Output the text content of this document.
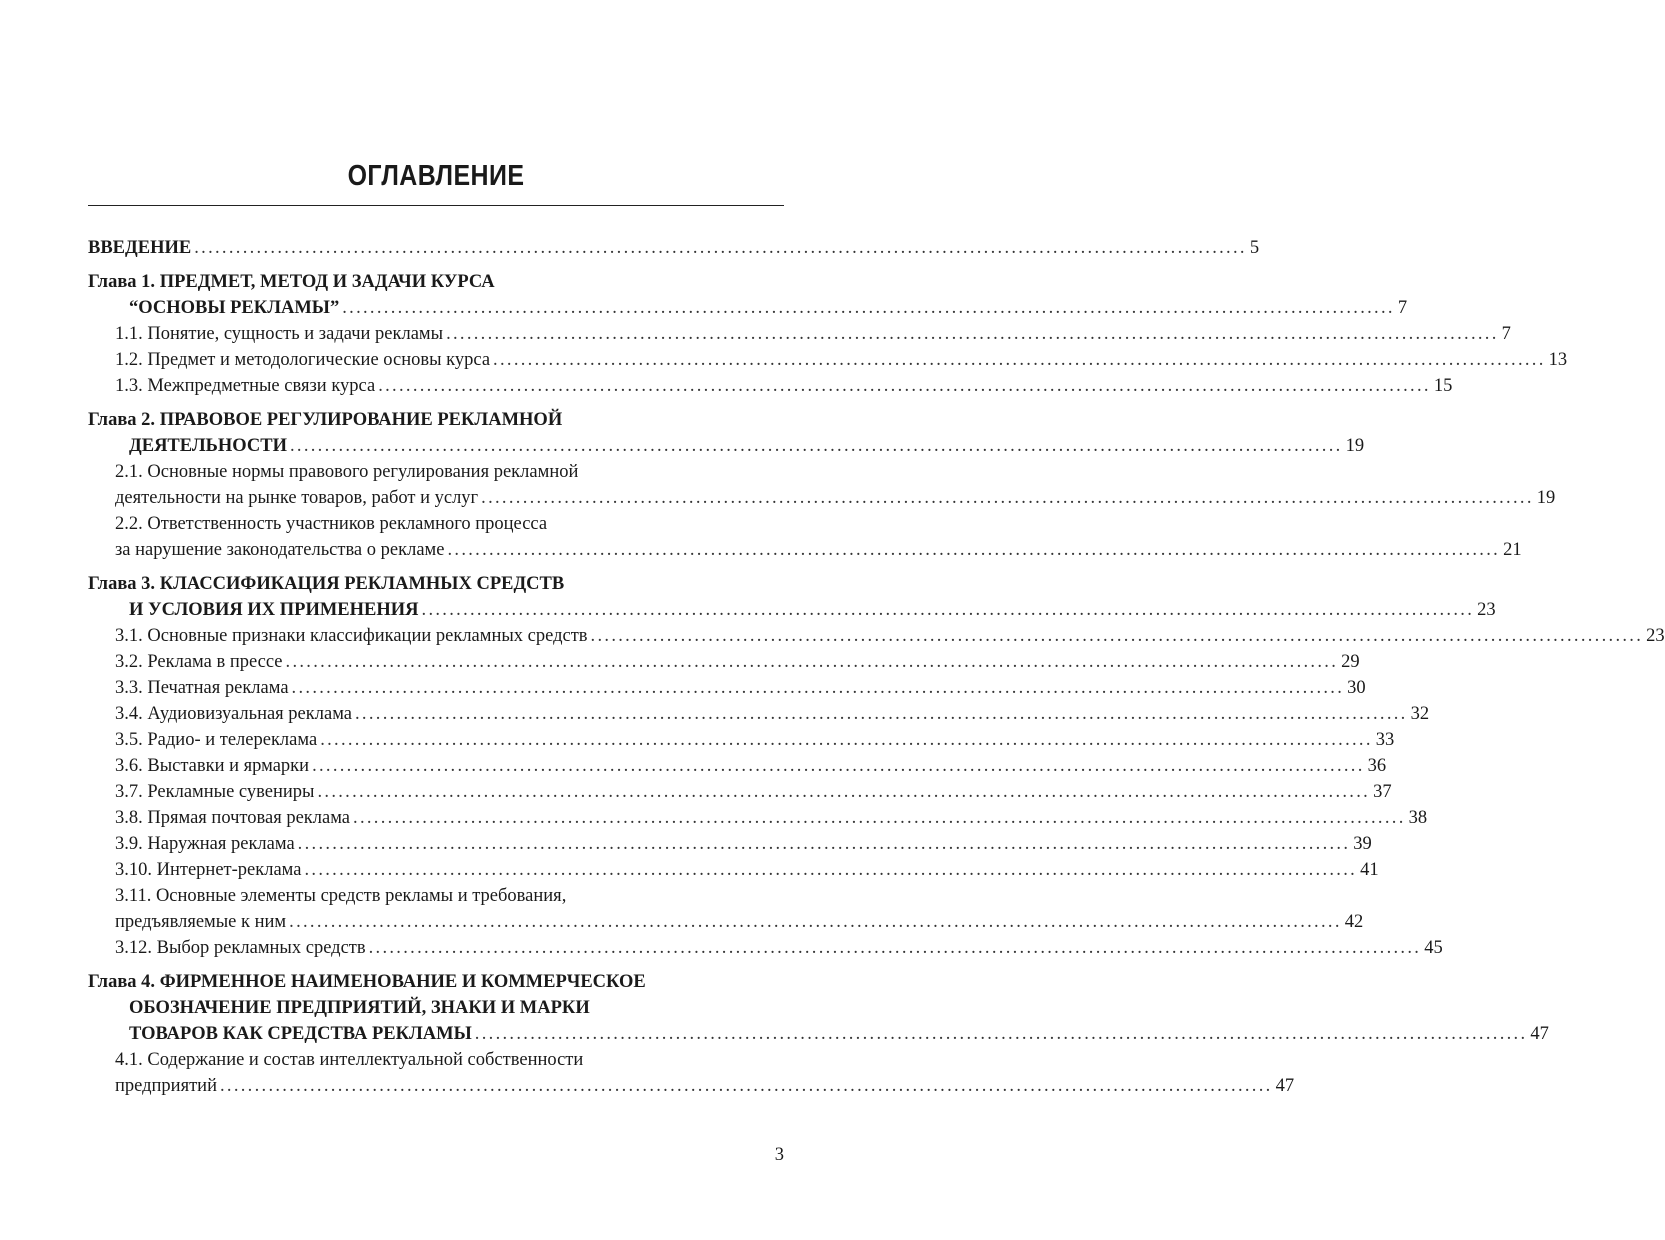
ОГЛАВЛЕНИЕ
ВВЕДЕНИЕ ........................................................................................................................................................ 5
Глава 1. ПРЕДМЕТ, МЕТОД И ЗАДАЧИ КУРСА
“ОСНОВЫ РЕКЛАМЫ” ........................................................................................................................................................ 7
1.1. Понятие, сущность и задачи рекламы ........................................................................................................................................................ 7
1.2. Предмет и методологические основы курса ........................................................................................................................................................ 13
1.3. Межпредметные связи курса ........................................................................................................................................................ 15
Глава 2. ПРАВОВОЕ РЕГУЛИРОВАНИЕ РЕКЛАМНОЙ
ДЕЯТЕЛЬНОСТИ ........................................................................................................................................................ 19
2.1. Основные нормы правового регулирования рекламной
деятельности на рынке товаров, работ и услуг ........................................................................................................................................................ 19
2.2. Ответственность участников рекламного процесса
за нарушение законодательства о рекламе ........................................................................................................................................................ 21
Глава 3. КЛАССИФИКАЦИЯ РЕКЛАМНЫХ СРЕДСТВ
И УСЛОВИЯ ИХ ПРИМЕНЕНИЯ ........................................................................................................................................................ 23
3.1. Основные признаки классификации рекламных средств ........................................................................................................................................................ 23
3.2. Реклама в прессе ........................................................................................................................................................ 29
3.3. Печатная реклама ........................................................................................................................................................ 30
3.4. Аудиовизуальная реклама ........................................................................................................................................................ 32
3.5. Радио- и телереклама ........................................................................................................................................................ 33
3.6. Выставки и ярмарки ........................................................................................................................................................ 36
3.7. Рекламные сувениры ........................................................................................................................................................ 37
3.8. Прямая почтовая реклама ........................................................................................................................................................ 38
3.9. Наружная реклама ........................................................................................................................................................ 39
3.10. Интернет-реклама ........................................................................................................................................................ 41
3.11. Основные элементы средств рекламы и требования,
предъявляемые к ним ........................................................................................................................................................ 42
3.12. Выбор рекламных средств ........................................................................................................................................................ 45
Глава 4. ФИРМЕННОЕ НАИМЕНОВАНИЕ И КОММЕРЧЕСКОЕ
ОБОЗНАЧЕНИЕ ПРЕДПРИЯТИЙ, ЗНАКИ И МАРКИ
ТОВАРОВ КАК СРЕДСТВА РЕКЛАМЫ ........................................................................................................................................................ 47
4.1. Содержание и состав интеллектуальной собственности
предприятий ........................................................................................................................................................ 47
3
